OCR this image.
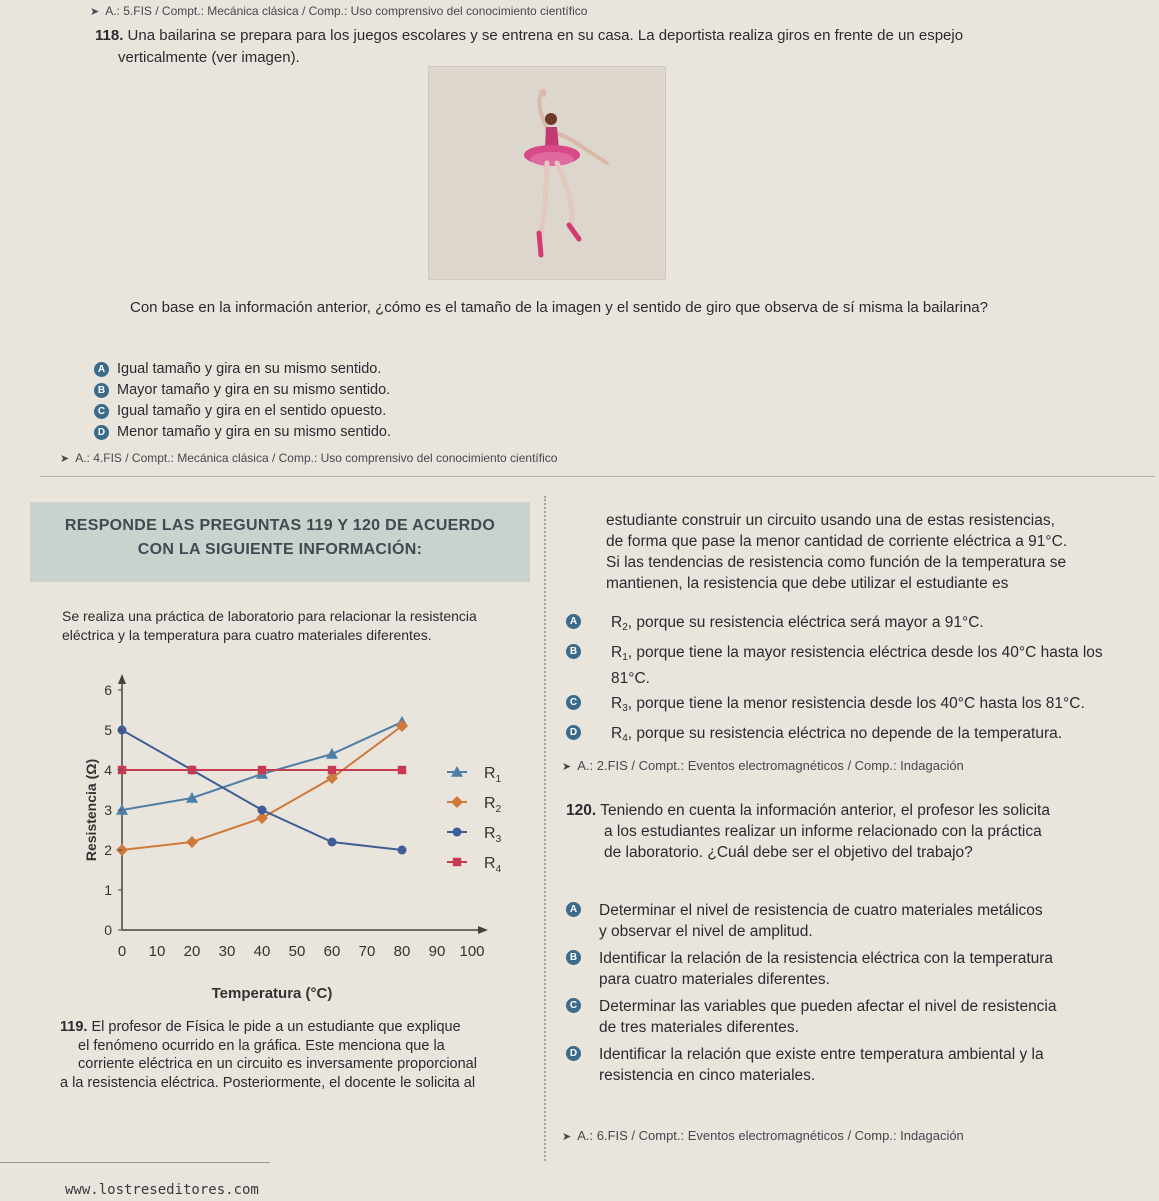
➤ A.: 5.FIS / Compt.: Mecánica clásica / Comp.: Uso comprensivo del conocimiento científico
118. Una bailarina se prepara para los juegos escolares y se entrena en su casa. La deportista realiza giros en frente de un espejo
verticalmente (ver imagen).
Con base en la información anterior, ¿cómo es el tamaño de la imagen y el sentido de giro que observa de sí misma la bailarina?
A Igual tamaño y gira en su mismo sentido.
B Mayor tamaño y gira en su mismo sentido.
C Igual tamaño y gira en el sentido opuesto.
D Menor tamaño y gira en su mismo sentido.
➤ A.: 4.FIS / Compt.: Mecánica clásica / Comp.: Uso comprensivo del conocimiento científico
RESPONDE LAS PREGUNTAS 119 Y 120 DE ACUERDO
CON LA SIGUIENTE INFORMACIÓN:
Se realiza una práctica de laboratorio para relacionar la resistencia
eléctrica y la temperatura para cuatro materiales diferentes.
0 10 20 30 40 50 60 70 80 90 100
0
1
2
3
4
5
6
Resistencia (Ω)
Temperatura (°C)
$R_1$
$R_2$
$R_3$
$R_4$
119. El profesor de Física le pide a un estudiante que explique
el fenómeno ocurrido en la gráfica. Este menciona que la
corriente eléctrica en un circuito es inversamente proporcional
a la resistencia eléctrica. Posteriormente, el docente le solicita al
www.lostreseditores.com
estudiante construir un circuito usando una de estas resistencias,
de forma que pase la menor cantidad de corriente eléctrica a 91°C.
Si las tendencias de resistencia como función de la temperatura se
mantienen, la resistencia que debe utilizar el estudiante es
A $R_2$, porque su resistencia eléctrica será mayor a 91°C.
B $R_1$, porque tiene la mayor resistencia eléctrica desde los 40°C hasta los 81°C.
C $R_3$, porque tiene la menor resistencia desde los 40°C hasta los 81°C.
D $R_4$, porque su resistencia eléctrica no depende de la temperatura.
➤ A.: 2.FIS / Compt.: Eventos electromagnéticos / Comp.: Indagación
120. Teniendo en cuenta la información anterior, el profesor les solicita
a los estudiantes realizar un informe relacionado con la práctica
de laboratorio. ¿Cuál debe ser el objetivo del trabajo?
A Determinar el nivel de resistencia de cuatro materiales metálicos
y observar el nivel de amplitud.
B Identificar la relación de la resistencia eléctrica con la temperatura
para cuatro materiales diferentes.
C Determinar las variables que pueden afectar el nivel de resistencia
de tres materiales diferentes.
D Identificar la relación que existe entre temperatura ambiental y la
resistencia en cinco materiales.
➤ A.: 6.FIS / Compt.: Eventos electromagnéticos / Comp.: Indagación
